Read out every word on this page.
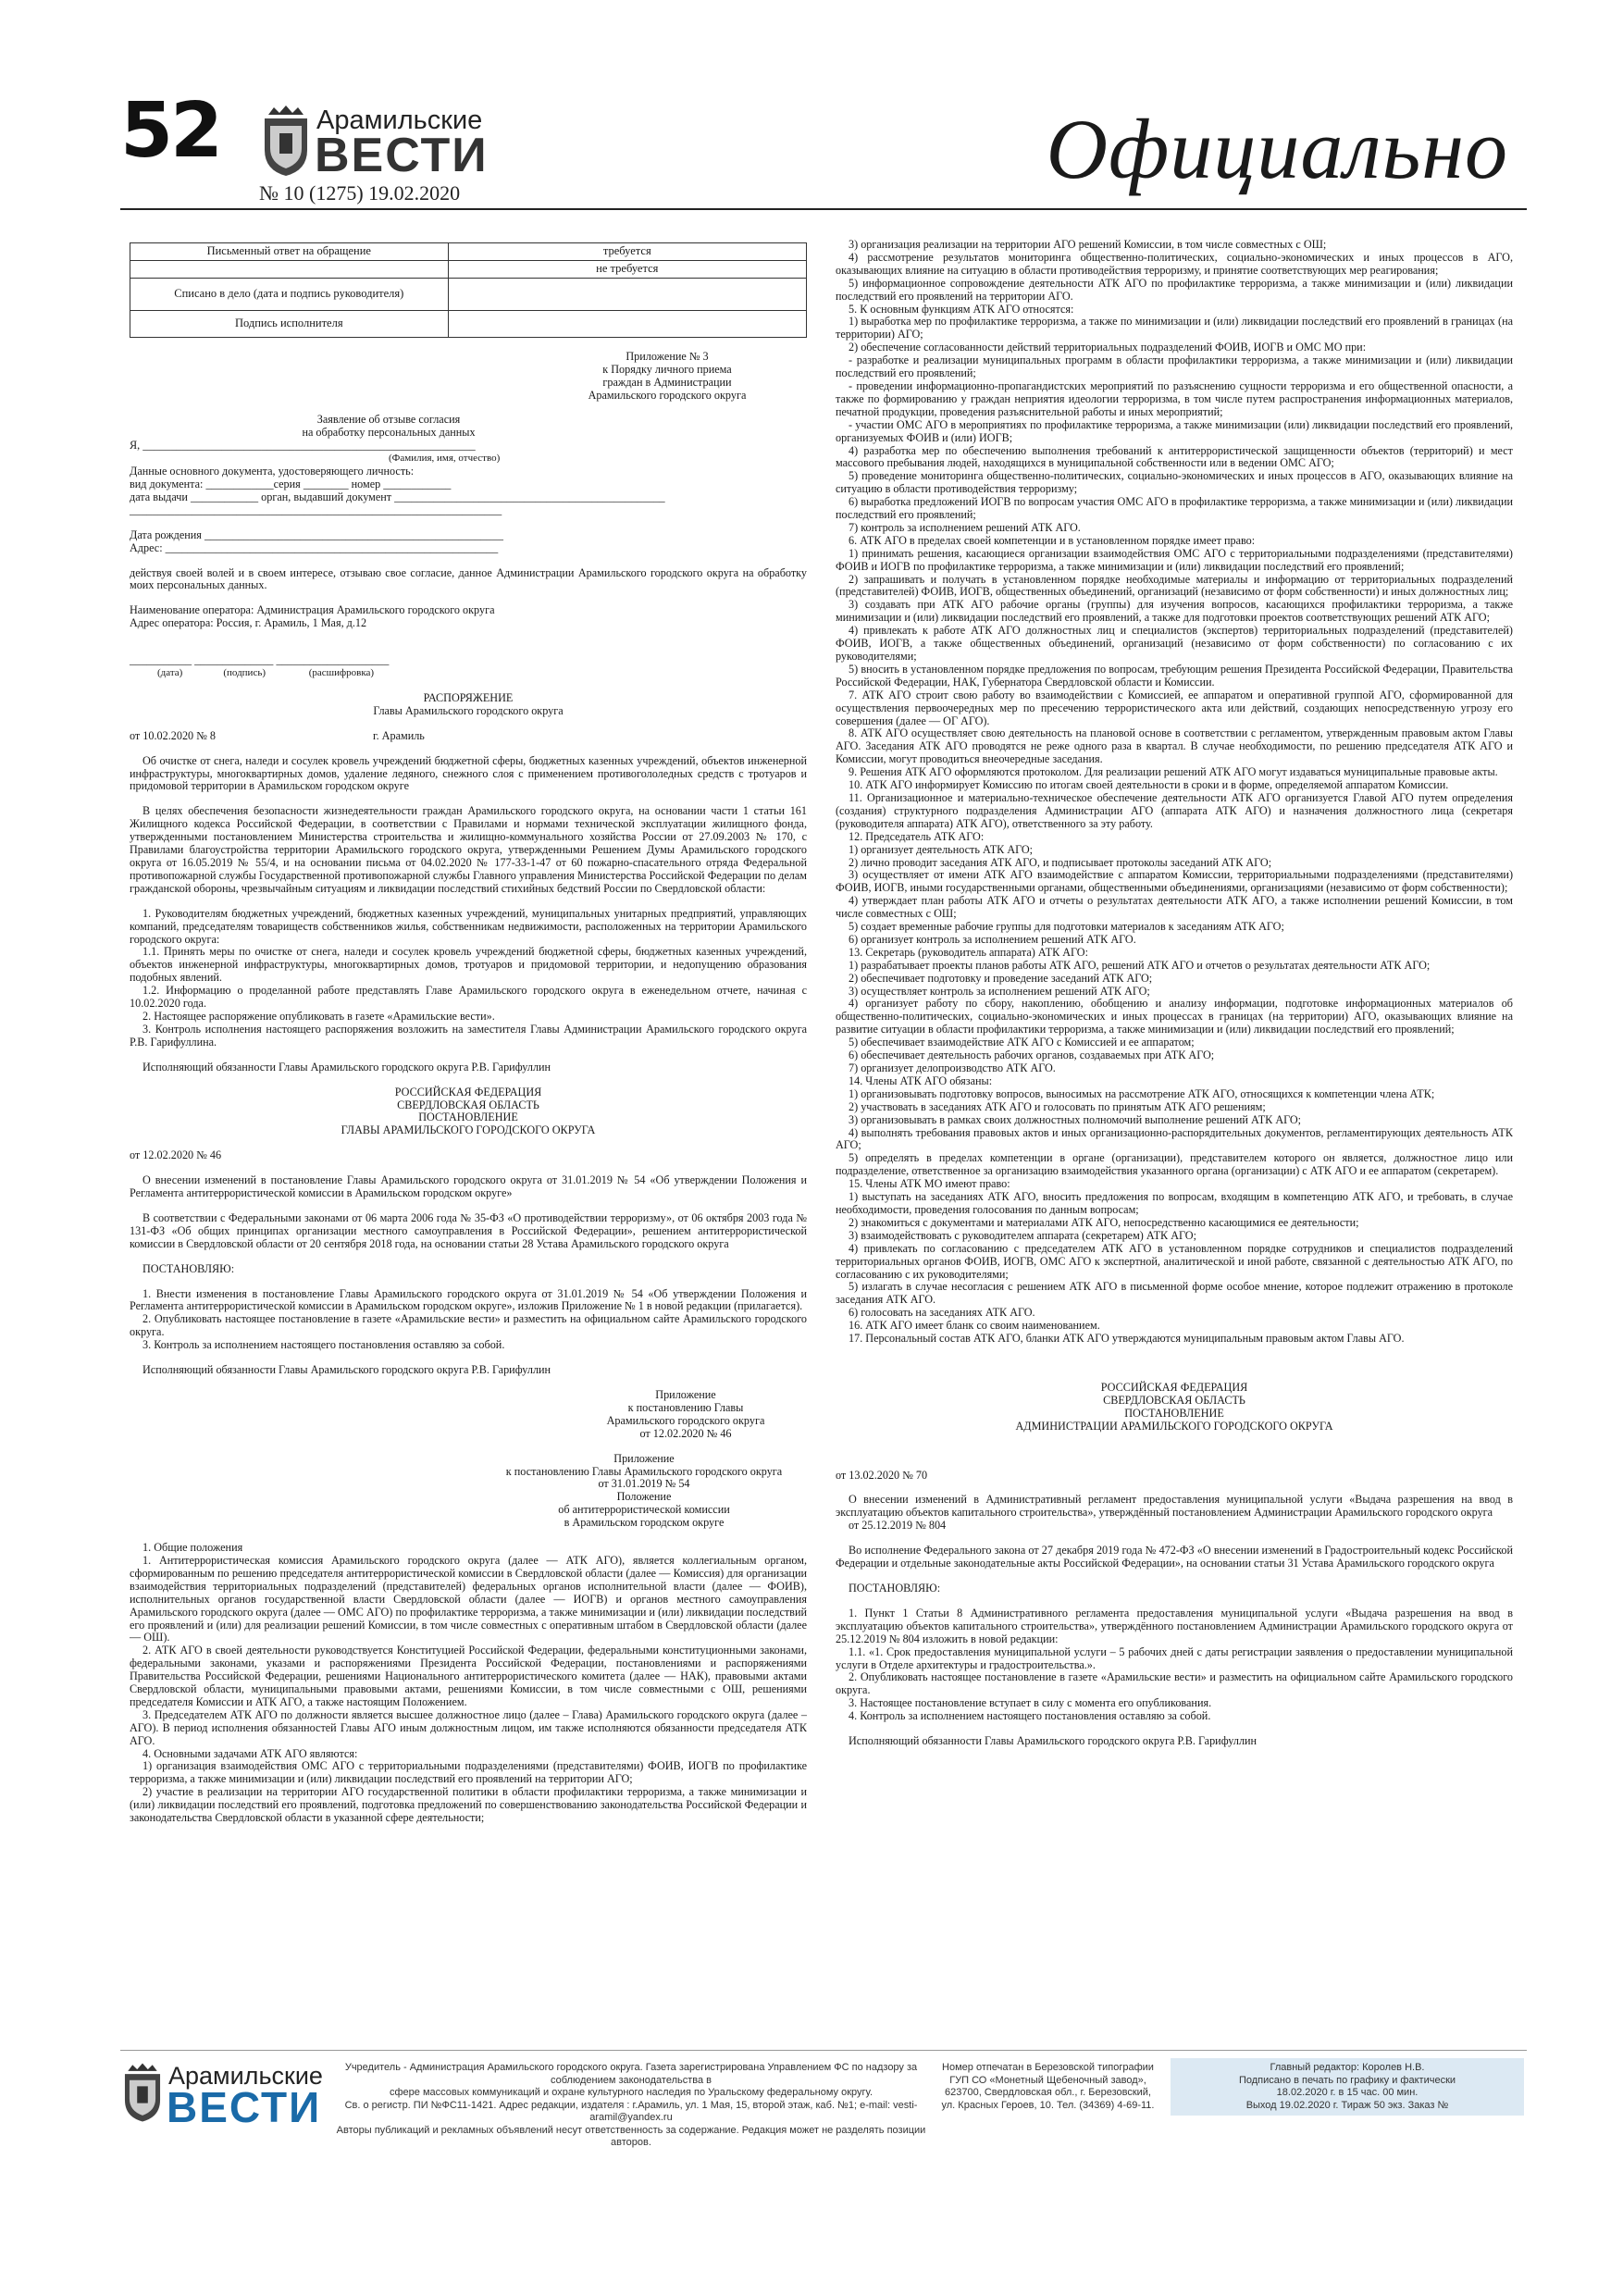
52	Арамильские
ВЕСТИ
№ 10 (1275) 19.02.2020	Официально
Письменный ответ на обращение	требуется
	не требуется
Списано в дело (дата и подпись руководителя)	
Подпись исполнителя	
Приложение № 3
к Порядку личного приема
граждан в Администрации
Арамильского городского округа
Заявление об отзыве согласия
на обработку персональных данных

Я, ___________________________________________________________

(Фамилия, имя, отчество)

Данные основного документа, удостоверяющего личность:

вид документа: ____________серия ________ номер ____________

дата выдачи ____________ орган, выдавший документ ________________________________________________

__________________________________________________________________

Дата рождения _____________________________________________________

Адрес: ___________________________________________________________

действуя своей волей и в своем интересе, отзываю свое согласие, данное Администрации Арамильского городского округа на обработку моих персональных данных.

Наименование оператора: Администрация Арамильского городского округа

Адрес оператора: Россия, г. Арамиль, 1 Мая, д.12

___________ ______________ ____________________

(дата)                (подпись)                 (расшифровка)

РАСПОРЯЖЕНИЕ

Главы Арамильского городского округа

от 10.02.2020 № 8	г. Арамиль

Об очистке от снега, наледи и сосулек кровель учреждений бюджетной сферы, бюджетных казенных учреждений, объектов инженерной инфраструктуры, многоквартирных домов, удаление ледяного, снежного слоя с применением противогололедных средств с тротуаров и придомовой территории в Арамильском городском округе

В целях обеспечения безопасности жизнедеятельности граждан Арамильского городского округа, на основании части 1 статьи 161 Жилищного кодекса Российской Федерации, в соответствии с Правилами и нормами технической эксплуатации жилищного фонда, утвержденными постановлением Министерства строительства и жилищно-коммунального хозяйства России от 27.09.2003 № 170, с Правилами благоустройства территории Арамильского городского округа, утвержденными Решением Думы Арамильского городского округа от 16.05.2019 № 55/4, и на основании письма от 04.02.2020 № 177-33-1-47 от 60 пожарно-спасательного отряда Федеральной противопожарной службы Государственной противопожарной службы Главного управления Министерства Российской Федерации по делам гражданской обороны, чрезвычайным ситуациям и ликвидации последствий стихийных бедствий России по Свердловской области:

1. Руководителям бюджетных учреждений, бюджетных казенных учреждений, муниципальных унитарных предприятий, управляющих компаний, председателям товариществ собственников жилья, собственникам недвижимости, расположенных на территории Арамильского городского округа:

1.1. Принять меры по очистке от снега, наледи и сосулек кровель учреждений бюджетной сферы, бюджетных казенных учреждений, объектов инженерной инфраструктуры, многоквартирных домов, тротуаров и придомовой территории, и недопущению образования подобных явлений.

1.2. Информацию о проделанной работе представлять Главе Арамильского городского округа в еженедельном отчете, начиная с 10.02.2020 года.

2. Настоящее распоряжение опубликовать в газете «Арамильские вести».

3. Контроль исполнения настоящего распоряжения возложить на заместителя Главы Администрации Арамильского городского округа Р.В. Гарифуллина.

Исполняющий обязанности Главы Арамильского городского округа Р.В. Гарифуллин

РОССИЙСКАЯ ФЕДЕРАЦИЯ

СВЕРДЛОВСКАЯ ОБЛАСТЬ

ПОСТАНОВЛЕНИЕ

ГЛАВЫ АРАМИЛЬСКОГО ГОРОДСКОГО ОКРУГА

от 12.02.2020 № 46

О внесении изменений в постановление Главы Арамильского городского округа от 31.01.2019 № 54 «Об утверждении Положения и Регламента антитеррористической комиссии в Арамильском городском округе»

В соответствии с Федеральными законами от 06 марта 2006 года № 35-ФЗ «О противодействии терроризму», от 06 октября 2003 года № 131-ФЗ «Об общих принципах организации местного самоуправления в Российской Федерации», решением антитеррористической комиссии в Свердловской области от 20 сентября 2018 года, на основании статьи 28 Устава Арамильского городского округа

ПОСТАНОВЛЯЮ:

1. Внести изменения в постановление Главы Арамильского городского округа от 31.01.2019 № 54 «Об утверждении Положения и Регламента антитеррористической комиссии в Арамильском городском округе», изложив Приложение № 1 в новой редакции (прилагается).

2. Опубликовать настоящее постановление в газете «Арамильские вести» и разместить на официальном сайте Арамильского городского округа.

3. Контроль за исполнением настоящего постановления оставляю за собой.

Исполняющий обязанности Главы Арамильского городского округа Р.В. Гарифуллин

Приложение
к постановлению Главы
Арамильского городского округа
от 12.02.2020 № 46
Приложение
к постановлению Главы Арамильского городского округа
от 31.01.2019 № 54
Положение
об антитеррористической комиссии
в Арамильском городском округе

1. Общие положения

1. Антитеррористическая комиссия Арамильского городского округа (далее — АТК АГО), является коллегиальным органом, сформированным по решению председателя антитеррористической комиссии в Свердловской области (далее — Комиссия) для организации взаимодействия территориальных подразделений (представителей) федеральных органов исполнительной власти (далее — ФОИВ), исполнительных органов государственной власти Свердловской области (далее — ИОГВ) и органов местного самоуправления Арамильского городского округа (далее — ОМС АГО) по профилактике терроризма, а также минимизации и (или) ликвидации последствий его проявлений и (или) для реализации решений Комиссии, в том числе совместных с оперативным штабом в Свердловской области (далее — ОШ).

2. АТК АГО в своей деятельности руководствуется Конституцией Российской Федерации, федеральными конституционными законами, федеральными законами, указами и распоряжениями Президента Российской Федерации, постановлениями и распоряжениями Правительства Российской Федерации, решениями Национального антитеррористического комитета (далее — НАК), правовыми актами Свердловской области, муниципальными правовыми актами, решениями Комиссии, в том числе совместными с ОШ, решениями председателя Комиссии и АТК АГО, а также настоящим Положением.

3. Председателем АТК АГО по должности является высшее должностное лицо (далее – Глава) Арамильского городского округа (далее – АГО). В период исполнения обязанностей Главы АГО иным должностным лицом, им также исполняются обязанности председателя АТК АГО.

4. Основными задачами АТК АГО являются:

1) организация взаимодействия ОМС АГО с территориальными подразделениями (представителями) ФОИВ, ИОГВ по профилактике терроризма, а также минимизации и (или) ликвидации последствий его проявлений на территории АГО;

2) участие в реализации на территории АГО государственной политики в области профилактики терроризма, а также минимизации и (или) ликвидации последствий его проявлений, подготовка предложений по совершенствованию законодательства Российской Федерации и законодательства Свердловской области в указанной сфере деятельности;

3) организация реализации на территории АГО решений Комиссии, в том числе совместных с ОШ;

4) рассмотрение результатов мониторинга общественно-политических, социально-экономических и иных процессов в АГО, оказывающих влияние на ситуацию в области противодействия терроризму, и принятие соответствующих мер реагирования;

5) информационное сопровождение деятельности АТК АГО по профилактике терроризма, а также минимизации и (или) ликвидации последствий его проявлений на территории АГО.

5. К основным функциям АТК АГО относятся:

1) выработка мер по профилактике терроризма, а также по минимизации и (или) ликвидации последствий его проявлений в границах (на территории) АГО;

2) обеспечение согласованности действий территориальных подразделений ФОИВ, ИОГВ и ОМС МО при:

- разработке и реализации муниципальных программ в области профилактики терроризма, а также минимизации и (или) ликвидации последствий его проявлений;

- проведении информационно-пропагандистских мероприятий по разъяснению сущности терроризма и его общественной опасности, а также по формированию у граждан неприятия идеологии терроризма, в том числе путем распространения информационных материалов, печатной продукции, проведения разъяснительной работы и иных мероприятий;

- участии ОМС АГО в мероприятиях по профилактике терроризма, а также минимизации (или) ликвидации последствий его проявлений, организуемых ФОИВ и (или) ИОГВ;

4) разработка мер по обеспечению выполнения требований к антитеррористической защищенности объектов (территорий) и мест массового пребывания людей, находящихся в муниципальной собственности или в ведении ОМС АГО;

5) проведение мониторинга общественно-политических, социально-экономических и иных процессов в АГО, оказывающих влияние на ситуацию в области противодействия терроризму;

6) выработка предложений ИОГВ по вопросам участия ОМС АГО в профилактике терроризма, а также минимизации и (или) ликвидации последствий его проявлений;

7) контроль за исполнением решений АТК АГО.

6. АТК АГО в пределах своей компетенции и в установленном порядке имеет право:

1) принимать решения, касающиеся организации взаимодействия ОМС АГО с территориальными подразделениями (представителями) ФОИВ и ИОГВ по профилактике терроризма, а также минимизации и (или) ликвидации последствий его проявлений;

2) запрашивать и получать в установленном порядке необходимые материалы и информацию от территориальных подразделений (представителей) ФОИВ, ИОГВ, общественных объединений, организаций (независимо от форм собственности) и иных должностных лиц;

3) создавать при АТК АГО рабочие органы (группы) для изучения вопросов, касающихся профилактики терроризма, а также минимизации и (или) ликвидации последствий его проявлений, а также для подготовки проектов соответствующих решений АТК АГО;

4) привлекать к работе АТК АГО должностных лиц и специалистов (экспертов) территориальных подразделений (представителей) ФОИВ, ИОГВ, а также общественных объединений, организаций (независимо от форм собственности) по согласованию с их руководителями;

5) вносить в установленном порядке предложения по вопросам, требующим решения Президента Российской Федерации, Правительства Российской Федерации, НАК, Губернатора Свердловской области и Комиссии.

7. АТК АГО строит свою работу во взаимодействии с Комиссией, ее аппаратом и оперативной группой АГО, сформированной для осуществления первоочередных мер по пресечению террористического акта или действий, создающих непосредственную угрозу его совершения (далее — ОГ АГО).

8. АТК АГО осуществляет свою деятельность на плановой основе в соответствии с регламентом, утвержденным правовым актом Главы АГО. Заседания АТК АГО проводятся не реже одного раза в квартал. В случае необходимости, по решению председателя АТК АГО и Комиссии, могут проводиться внеочередные заседания.

9. Решения АТК АГО оформляются протоколом. Для реализации решений АТК АГО могут издаваться муниципальные правовые акты.

10. АТК АГО информирует Комиссию по итогам своей деятельности в сроки и в форме, определяемой аппаратом Комиссии.

11. Организационное и материально-техническое обеспечение деятельности АТК АГО организуется Главой АГО путем определения (создания) структурного подразделения Администрации АГО (аппарата АТК АГО) и назначения должностного лица (секретаря (руководителя аппарата) АТК АГО), ответственного за эту работу.

12. Председатель АТК АГО:

1) организует деятельность АТК АГО;

2) лично проводит заседания АТК АГО, и подписывает протоколы заседаний АТК АГО;

3) осуществляет от имени АТК АГО взаимодействие с аппаратом Комиссии, территориальными подразделениями (представителями) ФОИВ, ИОГВ, иными государственными органами, общественными объединениями, организациями (независимо от форм собственности);

4) утверждает план работы АТК АГО и отчеты о результатах деятельности АТК АГО, а также исполнении решений Комиссии, в том числе совместных с ОШ;

5) создает временные рабочие группы для подготовки материалов к заседаниям АТК АГО;

6) организует контроль за исполнением решений АТК АГО.

13. Секретарь (руководитель аппарата) АТК АГО:

1) разрабатывает проекты планов работы АТК АГО, решений АТК АГО и отчетов о результатах деятельности АТК АГО;

2) обеспечивает подготовку и проведение заседаний АТК АГО;

3) осуществляет контроль за исполнением решений АТК АГО;

4) организует работу по сбору, накоплению, обобщению и анализу информации, подготовке информационных материалов об общественно-политических, социально-экономических и иных процессах в границах (на территории) АГО, оказывающих влияние на развитие ситуации в области профилактики терроризма, а также минимизации и (или) ликвидации последствий его проявлений;

5) обеспечивает взаимодействие АТК АГО с Комиссией и ее аппаратом;

6) обеспечивает деятельность рабочих органов, создаваемых при АТК АГО;

7) организует делопроизводство АТК АГО.

14. Члены АТК АГО обязаны:

1) организовывать подготовку вопросов, выносимых на рассмотрение АТК АГО, относящихся к компетенции члена АТК;

2) участвовать в заседаниях АТК АГО и голосовать по принятым АТК АГО решениям;

3) организовывать в рамках своих должностных полномочий выполнение решений АТК АГО;

4) выполнять требования правовых актов и иных организационно-распорядительных документов, регламентирующих деятельность АТК АГО;

5) определять в пределах компетенции в органе (организации), представителем которого он является, должностное лицо или подразделение, ответственное за организацию взаимодействия указанного органа (организации) с АТК АГО и ее аппаратом (секретарем).

15. Члены АТК МО имеют право:

1) выступать на заседаниях АТК АГО, вносить предложения по вопросам, входящим в компетенцию АТК АГО, и требовать, в случае необходимости, проведения голосования по данным вопросам;

2) знакомиться с документами и материалами АТК АГО, непосредственно касающимися ее деятельности;

3) взаимодействовать с руководителем аппарата (секретарем) АТК АГО;

4) привлекать по согласованию с председателем АТК АГО в установленном порядке сотрудников и специалистов подразделений территориальных органов ФОИВ, ИОГВ, ОМС АГО к экспертной, аналитической и иной работе, связанной с деятельностью АТК АГО, по согласованию с их руководителями;

5) излагать в случае несогласия с решением АТК АГО в письменной форме особое мнение, которое подлежит отражению в протоколе заседания АТК АГО.

6) голосовать на заседаниях АТК АГО.

16. АТК АГО имеет бланк со своим наименованием.

17. Персональный состав АТК АГО, бланки АТК АГО утверждаются муниципальным правовым актом Главы АГО.

РОССИЙСКАЯ ФЕДЕРАЦИЯ

СВЕРДЛОВСКАЯ ОБЛАСТЬ

ПОСТАНОВЛЕНИЕ

АДМИНИСТРАЦИИ АРАМИЛЬСКОГО ГОРОДСКОГО ОКРУГА

от 13.02.2020 № 70

О внесении изменений в Административный регламент предоставления муниципальной услуги «Выдача разрешения на ввод в эксплуатацию объектов капитального строительства», утверждённый постановлением Администрации Арамильского городского округа

от 25.12.2019 № 804

Во исполнение Федерального закона от 27 декабря 2019 года № 472-ФЗ «О внесении изменений в Градостроительный кодекс Российской Федерации и отдельные законодательные акты Российской Федерации», на основании статьи 31 Устава Арамильского городского округа

ПОСТАНОВЛЯЮ:

1. Пункт 1 Статьи 8 Административного регламента предоставления муниципальной услуги «Выдача разрешения на ввод в эксплуатацию объектов капитального строительства», утверждённого постановлением Администрации Арамильского городского округа от 25.12.2019 № 804 изложить в новой редакции:

1.1. «1. Срок предоставления муниципальной услуги – 5 рабочих дней с даты регистрации заявления о предоставлении муниципальной услуги в Отделе архитектуры и градостроительства.».

2. Опубликовать настоящее постановление в газете «Арамильские вести» и разместить на официальном сайте Арамильского городского округа.

3. Настоящее постановление вступает в силу с момента его опубликования.

4. Контроль за исполнением настоящего постановления оставляю за собой.

Исполняющий обязанности Главы Арамильского городского округа Р.В. Гарифуллин

Арамильские
ВЕСТИ
Учредитель - Администрация Арамильского городского округа. Газета зарегистрирована Управлением ФС по надзору за соблюдением законодательства в
сфере массовых коммуникаций и охране культурного наследия по Уральскому федеральному округу.
Св. о регистр. ПИ №ФС11-1421. Адрес редакции, издателя : г.Арамиль, ул. 1 Мая, 15, второй этаж, каб. №1; e-mail: vesti-aramil@yandex.ru
Авторы публикаций и рекламных объявлений несут ответственность за содержание. Редакция может не разделять позиции авторов.
Номер отпечатан в Березовской типографии
ГУП СО «Монетный Щебеночный завод»,
623700, Свердловская обл., г. Березовский,
ул. Красных Героев, 10. Тел. (34369) 4-69-11.
Главный редактор: Королев Н.В.
Подписано в печать по графику и фактически
18.02.2020 г. в 15 час. 00 мин.
Выход 19.02.2020 г. Тираж 50 экз. Заказ №
